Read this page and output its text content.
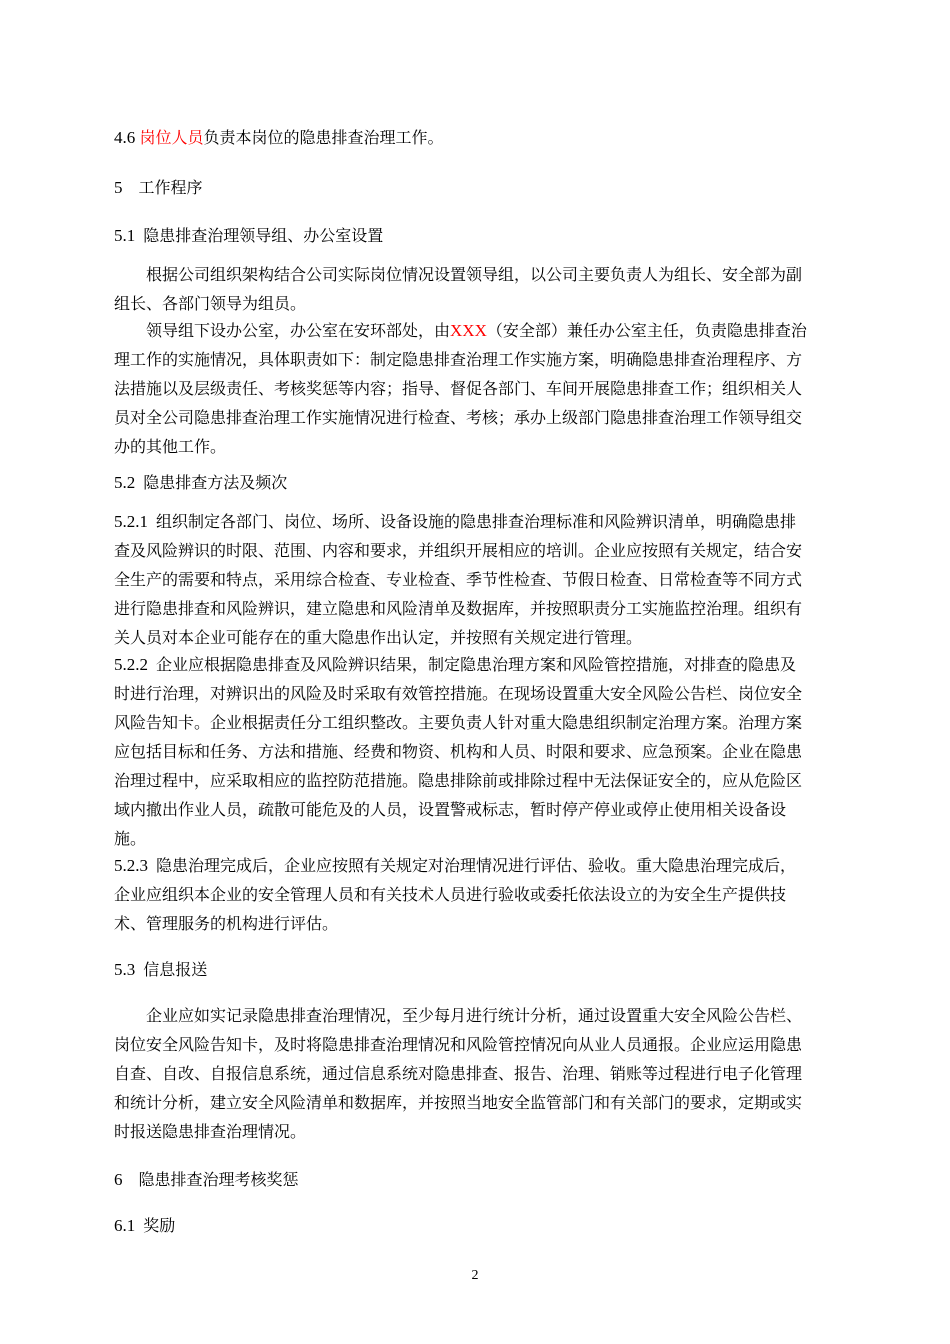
4.6 岗位人员负责本岗位的隐患排查治理工作。
5 工作程序
5.1 隐患排查治理领导组、办公室设置
根据公司组织架构结合公司实际岗位情况设置领导组，以公司主要负责人为组长、安全部为副
组长、各部门领导为组员。
领导组下设办公室，办公室在安环部处，由XXX（安全部）兼任办公室主任，负责隐患排查治
理工作的实施情况，具体职责如下：制定隐患排查治理工作实施方案，明确隐患排查治理程序、方
法措施以及层级责任、考核奖惩等内容；指导、督促各部门、车间开展隐患排查工作；组织相关人
员对全公司隐患排查治理工作实施情况进行检查、考核；承办上级部门隐患排查治理工作领导组交
办的其他工作。
5.2 隐患排查方法及频次
5.2.1 组织制定各部门、岗位、场所、设备设施的隐患排查治理标准和风险辨识清单，明确隐患排
查及风险辨识的时限、范围、内容和要求，并组织开展相应的培训。企业应按照有关规定，结合安
全生产的需要和特点，采用综合检查、专业检查、季节性检查、节假日检查、日常检查等不同方式
进行隐患排查和风险辨识，建立隐患和风险清单及数据库，并按照职责分工实施监控治理。组织有
关人员对本企业可能存在的重大隐患作出认定，并按照有关规定进行管理。
5.2.2 企业应根据隐患排查及风险辨识结果，制定隐患治理方案和风险管控措施，对排查的隐患及
时进行治理，对辨识出的风险及时采取有效管控措施。在现场设置重大安全风险公告栏、岗位安全
风险告知卡。企业根据责任分工组织整改。主要负责人针对重大隐患组织制定治理方案。治理方案
应包括目标和任务、方法和措施、经费和物资、机构和人员、时限和要求、应急预案。企业在隐患
治理过程中，应采取相应的监控防范措施。隐患排除前或排除过程中无法保证安全的，应从危险区
域内撤出作业人员，疏散可能危及的人员，设置警戒标志，暂时停产停业或停止使用相关设备设
施。
5.2.3 隐患治理完成后，企业应按照有关规定对治理情况进行评估、验收。重大隐患治理完成后，
企业应组织本企业的安全管理人员和有关技术人员进行验收或委托依法设立的为安全生产提供技
术、管理服务的机构进行评估。
5.3 信息报送
企业应如实记录隐患排查治理情况，至少每月进行统计分析，通过设置重大安全风险公告栏、
岗位安全风险告知卡，及时将隐患排查治理情况和风险管控情况向从业人员通报。企业应运用隐患
自查、自改、自报信息系统，通过信息系统对隐患排查、报告、治理、销账等过程进行电子化管理
和统计分析，建立安全风险清单和数据库，并按照当地安全监管部门和有关部门的要求，定期或实
时报送隐患排查治理情况。
6 隐患排查治理考核奖惩
6.1 奖励
2
